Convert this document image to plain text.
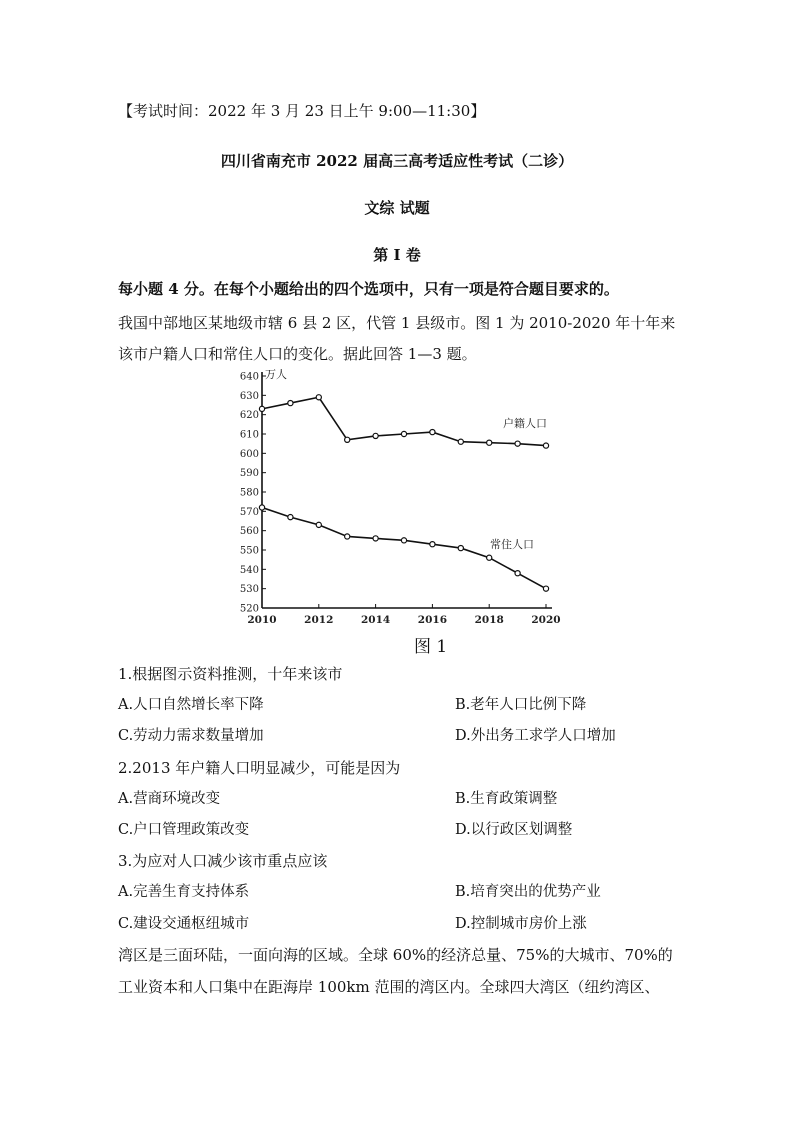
【考试时间：2022 年 3 月 23 日上午 9:00—11:30】
四川省南充市 2022 届高三高考适应性考试（二诊）
文综 试题
第 I 卷
每小题 4 分。在每个小题给出的四个选项中，只有一项是符合题目要求的。
我国中部地区某地级市辖 6 县 2 区，代管 1 县级市。图 1 为 2010-2020 年十年来
该市户籍人口和常住人口的变化。据此回答 1—3 题。
640
630
620
610
600
590
580
570
560
550
540
530
520
2010	2012	2014	2016	2018	2020
万人
户籍人口
常住人口
图 1
1.根据图示资料推测，十年来该市
A.人口自然增长率下降	B.老年人口比例下降
C.劳动力需求数量增加	D.外出务工求学人口增加
2.2013 年户籍人口明显减少，可能是因为
A.营商环境改变	B.生育政策调整
C.户口管理政策改变	D.以行政区划调整
3.为应对人口减少该市重点应该
A.完善生育支持体系	B.培育突出的优势产业
C.建设交通枢纽城市	D.控制城市房价上涨
湾区是三面环陆，一面向海的区域。全球 60%的经济总量、75%的大城市、70%的
工业资本和人口集中在距海岸 100km 范围的湾区内。全球四大湾区（纽约湾区、
